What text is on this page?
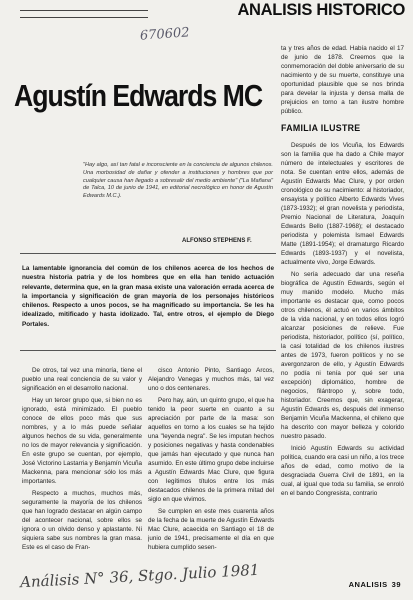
ANALISIS HISTORICO
670602
Agustín Edwards MC
"Hay algo, así tan fatal e inconsciente en la conciencia de algunos chilenos. Una morbosidad de dañar y ofender a instituciones y hombres que por cualquier causa han llegado a sobresalir del medio ambiente" ("La Mañana" de Talca, 10 de junio de 1941, en editorial necrológico en honor de Agustín Edwards M.C.).
ALFONSO STEPHENS F.
La lamentable ignorancia del común de los chilenos acerca de los hechos de nuestra historia patria y de los hombres que en ella han tenido actuación relevante, determina que, en la gran masa existe una valoración errada acerca de la importancia y significación de gran mayoría de los personajes históricos chilenos. Respecto a unos pocos, se ha magnificado su importancia. Se les ha idealizado, mitificado y hasta idolizado. Tal, entre otros, el ejemplo de Diego Portales.

De otros, tal vez una minoría, tiene el pueblo una real conciencia de su valor y significación en el desarrollo nacional.

Hay un tercer grupo que, si bien no es ignorado, está minimizado. El pueblo conoce de ellos poco más que sus nombres, y a lo más puede señalar algunos hechos de su vida, generalmente no los de mayor relevancia y significación. En este grupo se cuentan, por ejemplo, José Victorino Lastarria y Benjamín Vicuña Mackenna, para mencionar sólo los más importantes.

Respecto a muchos, muchos más, seguramente la mayoría de los chilenos que han logrado destacar en algún campo del acontecer nacional, sobre ellos se ignora o un olvido denso y aplastante. Ni siquiera sabe sus nombres la gran masa. Este es el caso de Fran-

cisco Antonio Pinto, Santiago Arcos, Alejandro Venegas y muchos más, tal vez uno o dos centenares.

Pero hay, aún, un quinto grupo, el que ha tenido la peor suerte en cuanto a su apreciación por parte de la masa: son aquellos en torno a los cuales se ha tejido una "leyenda negra". Se les imputan hechos y posiciones negativas y hasta condenables que jamás han ejecutado y que nunca han asumido. En este último grupo debe incluirse a Agustín Edwards Mac Clure, que figura con legítimos títulos entre los más destacados chilenos de la primera mitad del siglo en que vivimos.

Se cumplen en este mes cuarenta años de la fecha de la muerte de Agustín Edwards Mac Clure, acaecida en Santiago el 18 de junio de 1941, precisamente el día en que hubiera cumplido sesen-

ta y tres años de edad. Había nacido el 17 de junio de 1878. Creemos que la conmemoración del doble aniversario de su nacimiento y de su muerte, constituye una oportunidad plausible que se nos brinda para develar la injusta y densa malla de prejuicios en torno a tan ilustre hombre público.

FAMILIA ILUSTRE

Después de los Vicuña, los Edwards son la familia que ha dado a Chile mayor número de intelectuales y escritores de nota. Se cuentan entre ellos, además de Agustín Edwards Mac Clure, y por orden cronológico de su nacimiento: al historiador, ensayista y político Alberto Edwards Vives (1873-1932); el gran novelista y periodista, Premio Nacional de Literatura, Joaquín Edwards Bello (1887-1968); el destacado periodista y polemista Ismael Edwards Matte (1891-1954); el dramaturgo Ricardo Edwards (1893-1937) y el novelista, actualmente vivo, Jorge Edwards.

No sería adecuado dar una reseña biográfica de Agustín Edwards, según el muy manido modelo. Mucho más importante es destacar que, como pocos otros chilenos, él actuó en varios ámbitos de la vida nacional, y en todos ellos logró alcanzar posiciones de relieve. Fue periodista, historiador, político (sí, político, la casi totalidad de los chilenos ilustres antes de 1973, fueron políticos y no se avergonzaron de ello, y Agustín Edwards no podía ni tenía por qué ser una excepción) diplomático, hombre de negocios, filántropo y, sobre todo, historiador. Creemos que, sin exagerar, Agustín Edwards es, después del inmenso Benjamín Vicuña Mackenna, el chileno que ha descrito con mayor belleza y colorido nuestro pasado.

Inició Agustín Edwards su actividad política, cuando era casi un niño, a los trece años de edad, como motivo de la desgraciada Guerra Civil de 1891, en la cual, al igual que toda su familia, se enroló en el bando Congresista, contrario

Análisis N° 36, Stgo. Julio 1981	ANALISIS 39
